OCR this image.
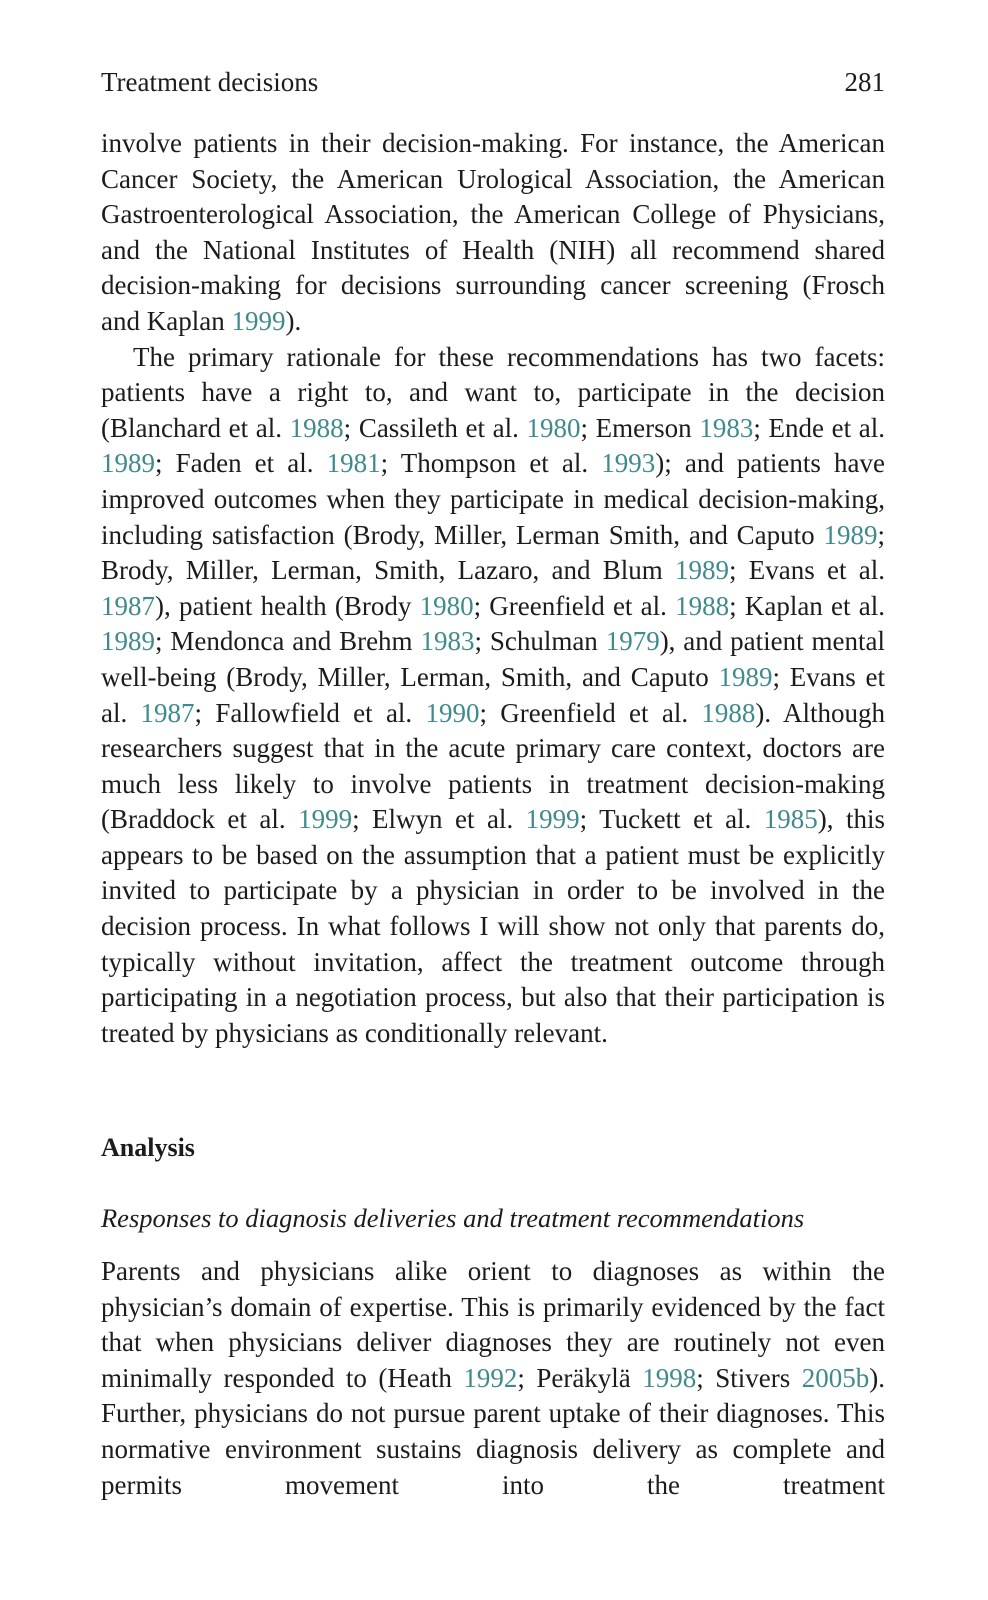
Treatment decisions	281

involve patients in their decision-making. For instance, the American Cancer Society, the American Urological Association, the American Gastroenterological Association, the American College of Physicians, and the National Institutes of Health (NIH) all recommend shared decision-making for decisions surrounding cancer screening (Frosch and Kaplan 1999).

The primary rationale for these recommendations has two facets: patients have a right to, and want to, participate in the decision (Blanchard et al. 1988; Cassileth et al. 1980; Emerson 1983; Ende et al. 1989; Faden et al. 1981; Thompson et al. 1993); and patients have improved outcomes when they participate in medical decision-making, including satisfaction (Brody, Miller, Lerman Smith, and Caputo 1989; Brody, Miller, Lerman, Smith, Lazaro, and Blum 1989; Evans et al. 1987), patient health (Brody 1980; Greenfield et al. 1988; Kaplan et al. 1989; Mendonca and Brehm 1983; Schulman 1979), and patient mental well-being (Brody, Miller, Lerman, Smith, and Caputo 1989; Evans et al. 1987; Fallowfield et al. 1990; Greenfield et al. 1988). Although researchers suggest that in the acute primary care context, doctors are much less likely to involve patients in treatment decision-making (Braddock et al. 1999; Elwyn et al. 1999; Tuckett et al. 1985), this appears to be based on the assumption that a patient must be explicitly invited to participate by a physician in order to be involved in the decision process. In what follows I will show not only that parents do, typically without invitation, affect the treatment outcome through participating in a negotiation process, but also that their participation is treated by physicians as conditionally relevant.

Analysis
Responses to diagnosis deliveries and treatment recommendations

Parents and physicians alike orient to diagnoses as within the physician’s domain of expertise. This is primarily evidenced by the fact that when physicians deliver diagnoses they are routinely not even minimally responded to (Heath 1992; Peräkylä 1998; Stivers 2005b). Further, physicians do not pursue parent uptake of their diagnoses. This normative environment sustains diagnosis delivery as complete and permits movement into the treatment
